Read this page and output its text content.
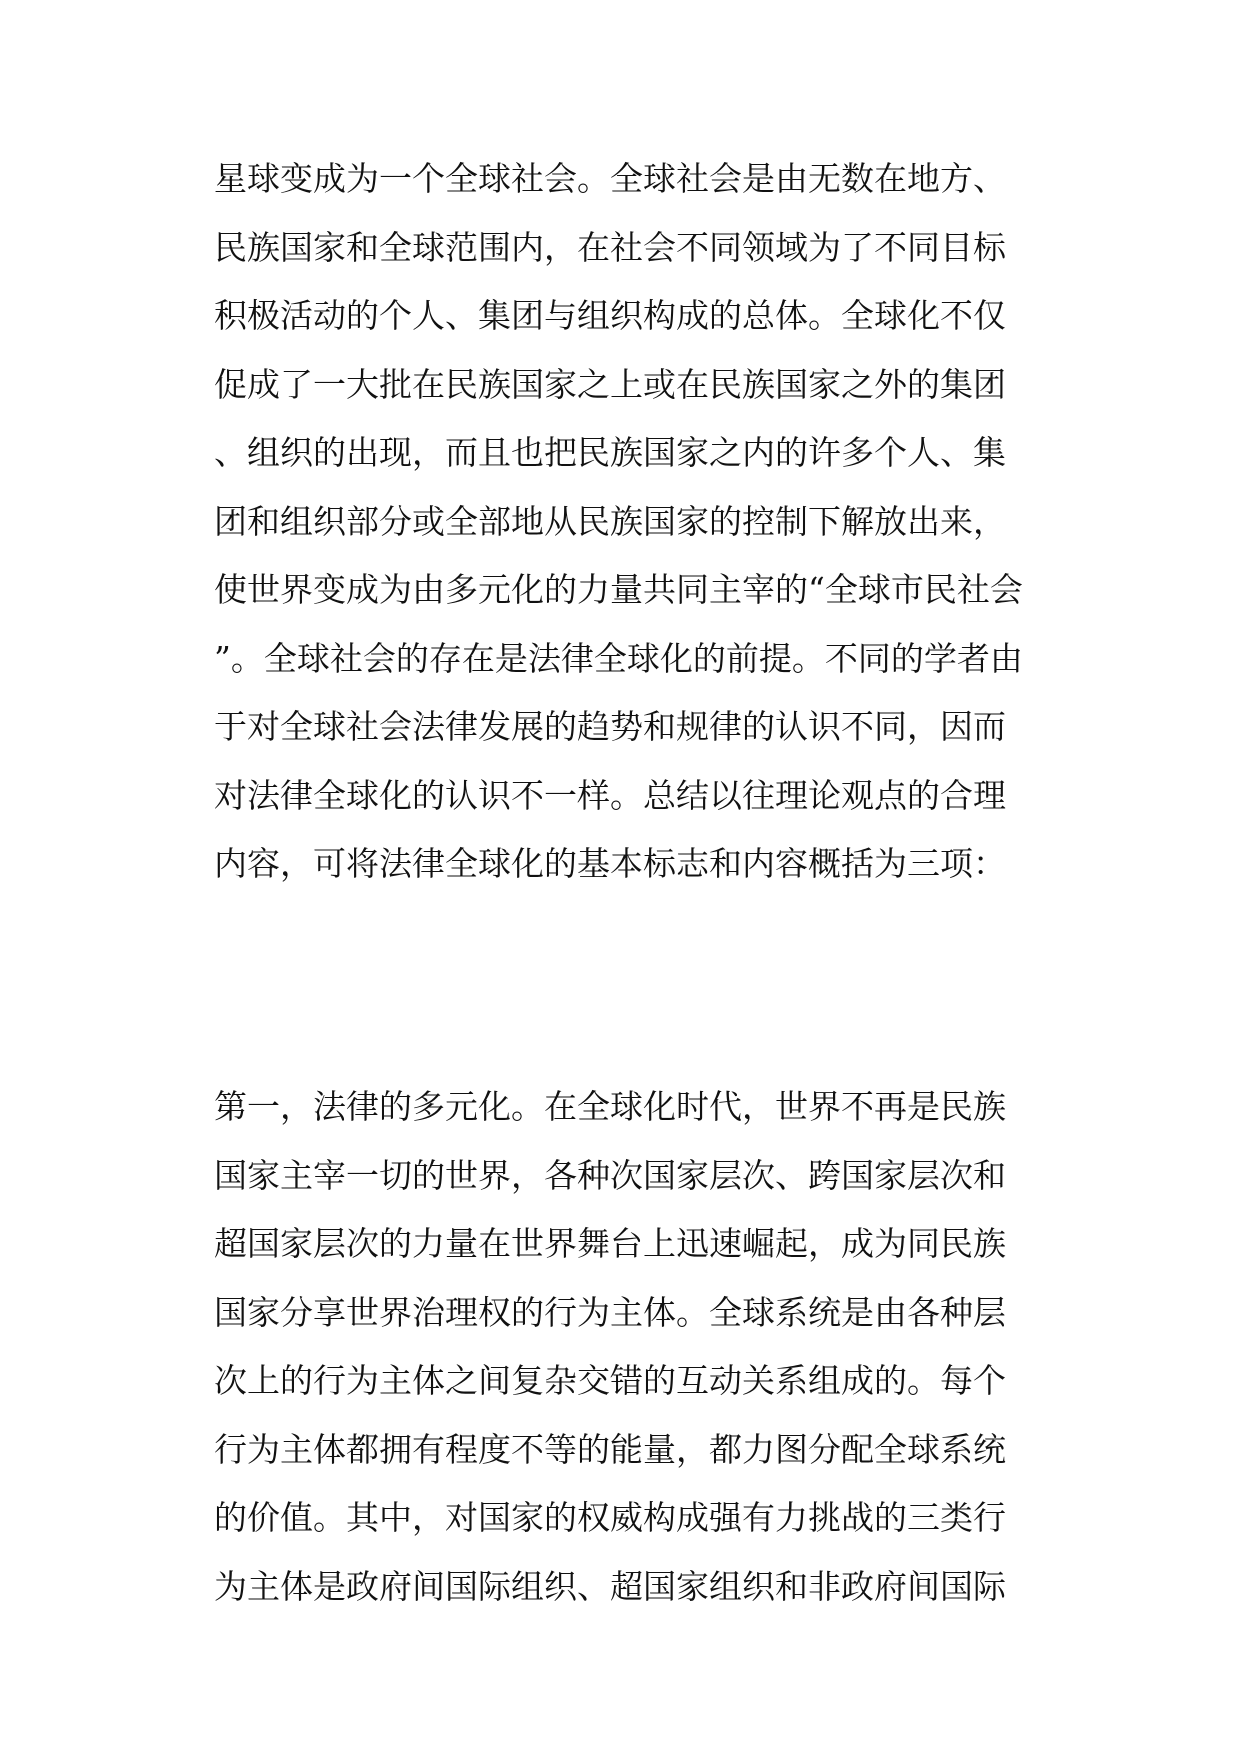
星球变成为一个全球社会。全球社会是由无数在地方、
民族国家和全球范围内，在社会不同领域为了不同目标
积极活动的个人、集团与组织构成的总体。全球化不仅
促成了一大批在民族国家之上或在民族国家之外的集团
、组织的出现，而且也把民族国家之内的许多个人、集
团和组织部分或全部地从民族国家的控制下解放出来，
使世界变成为由多元化的力量共同主宰的“全球市民社会
”。全球社会的存在是法律全球化的前提。不同的学者由
于对全球社会法律发展的趋势和规律的认识不同，因而
对法律全球化的认识不一样。总结以往理论观点的合理
内容，可将法律全球化的基本标志和内容概括为三项：
第一，法律的多元化。在全球化时代，世界不再是民族
国家主宰一切的世界，各种次国家层次、跨国家层次和
超国家层次的力量在世界舞台上迅速崛起，成为同民族
国家分享世界治理权的行为主体。全球系统是由各种层
次上的行为主体之间复杂交错的互动关系组成的。每个
行为主体都拥有程度不等的能量，都力图分配全球系统
的价值。其中，对国家的权威构成强有力挑战的三类行
为主体是政府间国际组织、超国家组织和非政府间国际
